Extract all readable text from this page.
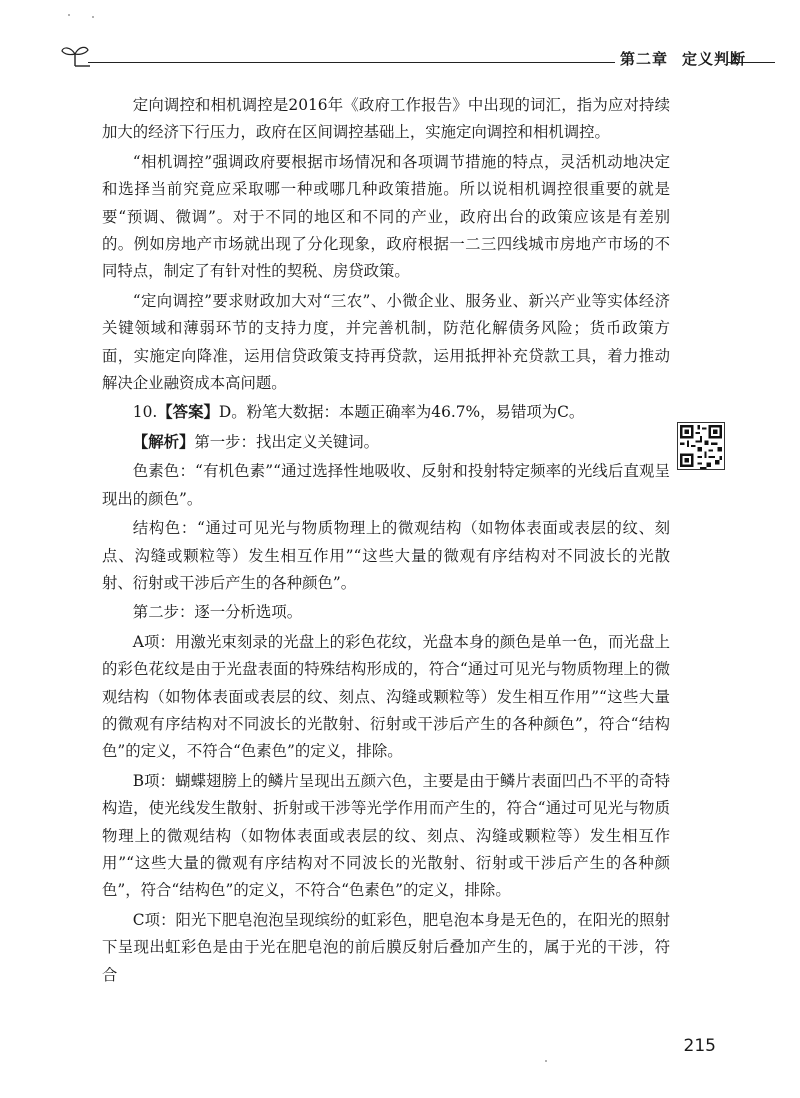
第二章 定义判断

定向调控和相机调控是2016年《政府工作报告》中出现的词汇，指为应对持续加大的经济下行压力，政府在区间调控基础上，实施定向调控和相机调控。

“相机调控”强调政府要根据市场情况和各项调节措施的特点，灵活机动地决定和选择当前究竟应采取哪一种或哪几种政策措施。所以说相机调控很重要的就是要“预调、微调”。对于不同的地区和不同的产业，政府出台的政策应该是有差别的。例如房地产市场就出现了分化现象，政府根据一二三四线城市房地产市场的不同特点，制定了有针对性的契税、房贷政策。

“定向调控”要求财政加大对“三农”、小微企业、服务业、新兴产业等实体经济关键领域和薄弱环节的支持力度，并完善机制，防范化解债务风险；货币政策方面，实施定向降准，运用信贷政策支持再贷款，运用抵押补充贷款工具，着力推动解决企业融资成本高问题。

10.【答案】D。粉笔大数据：本题正确率为46.7%，易错项为C。

【解析】第一步：找出定义关键词。

色素色：“有机色素”“通过选择性地吸收、反射和投射特定频率的光线后直观呈现出的颜色”。

结构色：“通过可见光与物质物理上的微观结构（如物体表面或表层的纹、刻点、沟缝或颗粒等）发生相互作用”“这些大量的微观有序结构对不同波长的光散射、衍射或干涉后产生的各种颜色”。

第二步：逐一分析选项。

A项：用激光束刻录的光盘上的彩色花纹，光盘本身的颜色是单一色，而光盘上的彩色花纹是由于光盘表面的特殊结构形成的，符合“通过可见光与物质物理上的微观结构（如物体表面或表层的纹、刻点、沟缝或颗粒等）发生相互作用”“这些大量的微观有序结构对不同波长的光散射、衍射或干涉后产生的各种颜色”，符合“结构色”的定义，不符合“色素色”的定义，排除。

B项：蝴蝶翅膀上的鳞片呈现出五颜六色，主要是由于鳞片表面凹凸不平的奇特构造，使光线发生散射、折射或干涉等光学作用而产生的，符合“通过可见光与物质物理上的微观结构（如物体表面或表层的纹、刻点、沟缝或颗粒等）发生相互作用”“这些大量的微观有序结构对不同波长的光散射、衍射或干涉后产生的各种颜色”，符合“结构色”的定义，不符合“色素色”的定义，排除。

C项：阳光下肥皂泡泡呈现缤纷的虹彩色，肥皂泡本身是无色的，在阳光的照射下呈现出虹彩色是由于光在肥皂泡的前后膜反射后叠加产生的，属于光的干涉，符合

215
